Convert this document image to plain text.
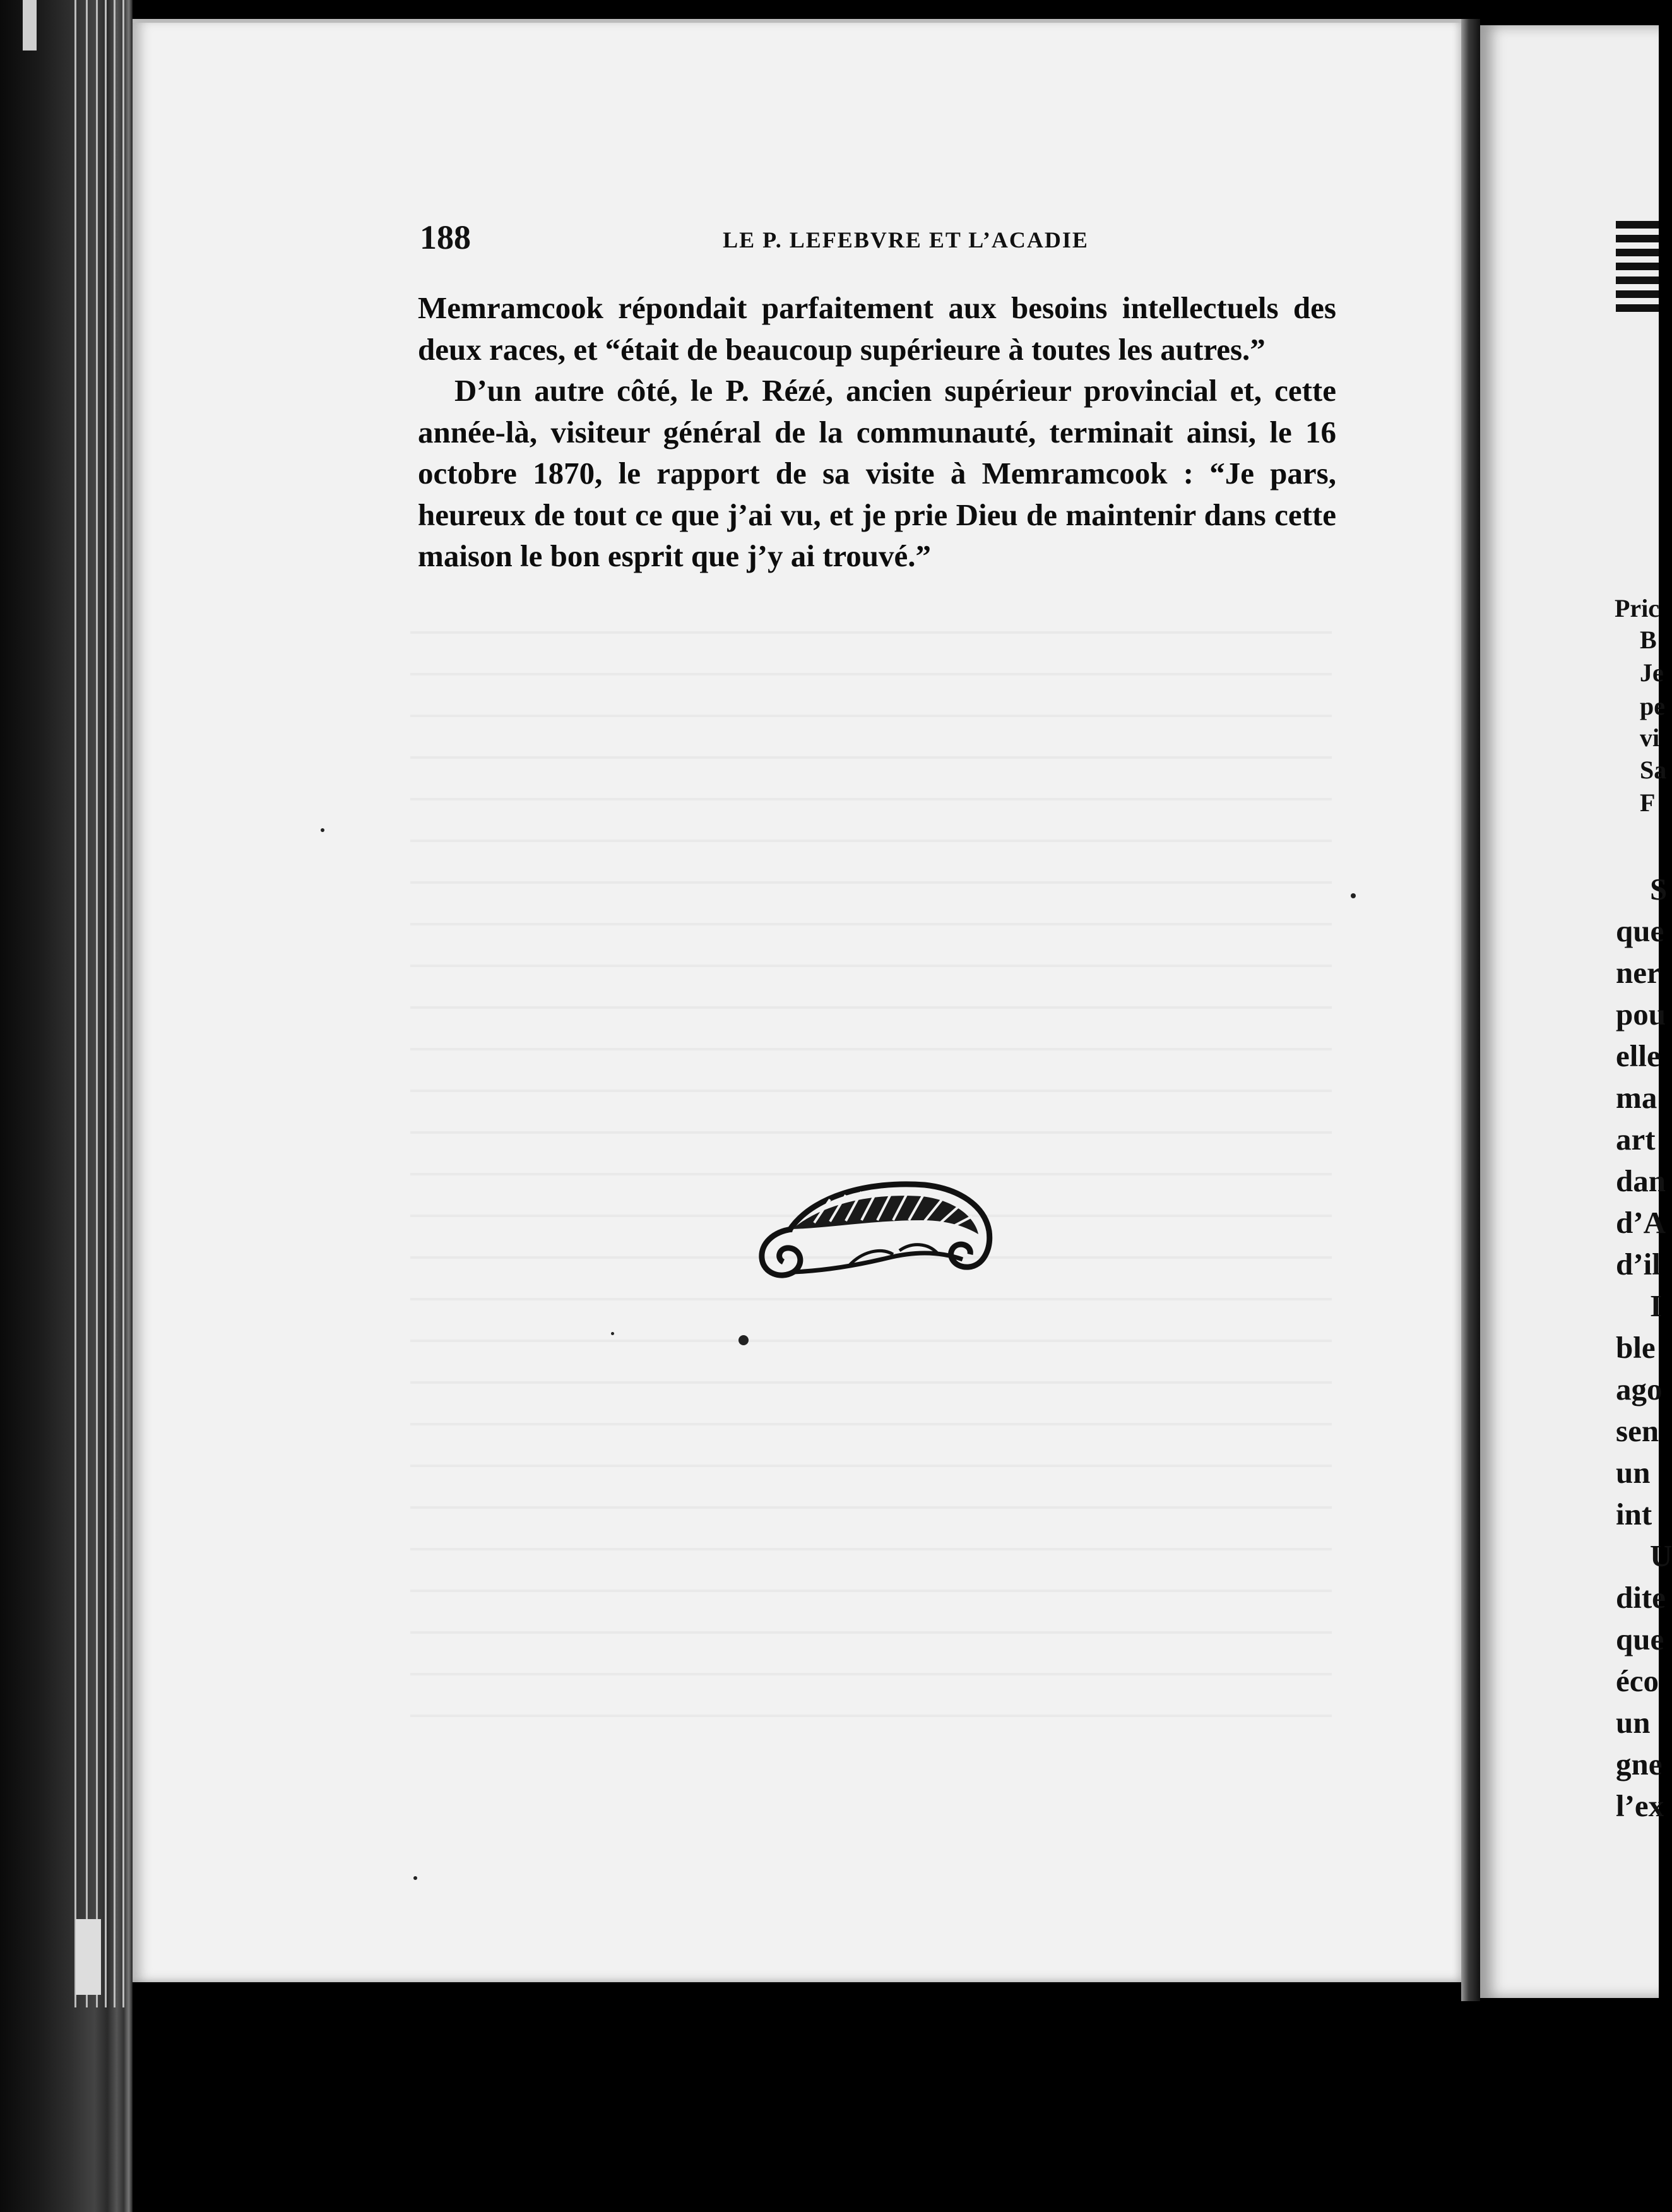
188	LE P. LEFEBVRE ET L’ACADIE

Memramcook répondait parfaitement aux besoins intellectuels des deux races, et “était de beaucoup supérieure à toutes les autres.”

D’un autre côté, le P. Rézé, ancien supérieur provincial et, cette année-là, visiteur général de la communauté, terminait ainsi, le 16 octobre 1870, le rapport de sa visite à Memramcook : “Je pars, heureux de tout ce que j’ai vu, et je prie Dieu de maintenir dans cette maison le bon esprit que j’y ai trouvé.”

Pric
B
Je
pe
vi
Sa
F
S
que
ner
pou
elle
ma
art
dan
d’A
d’il
I
ble
ago
sen
un
int
U
dite
que
éco
un
gne
l’ex
